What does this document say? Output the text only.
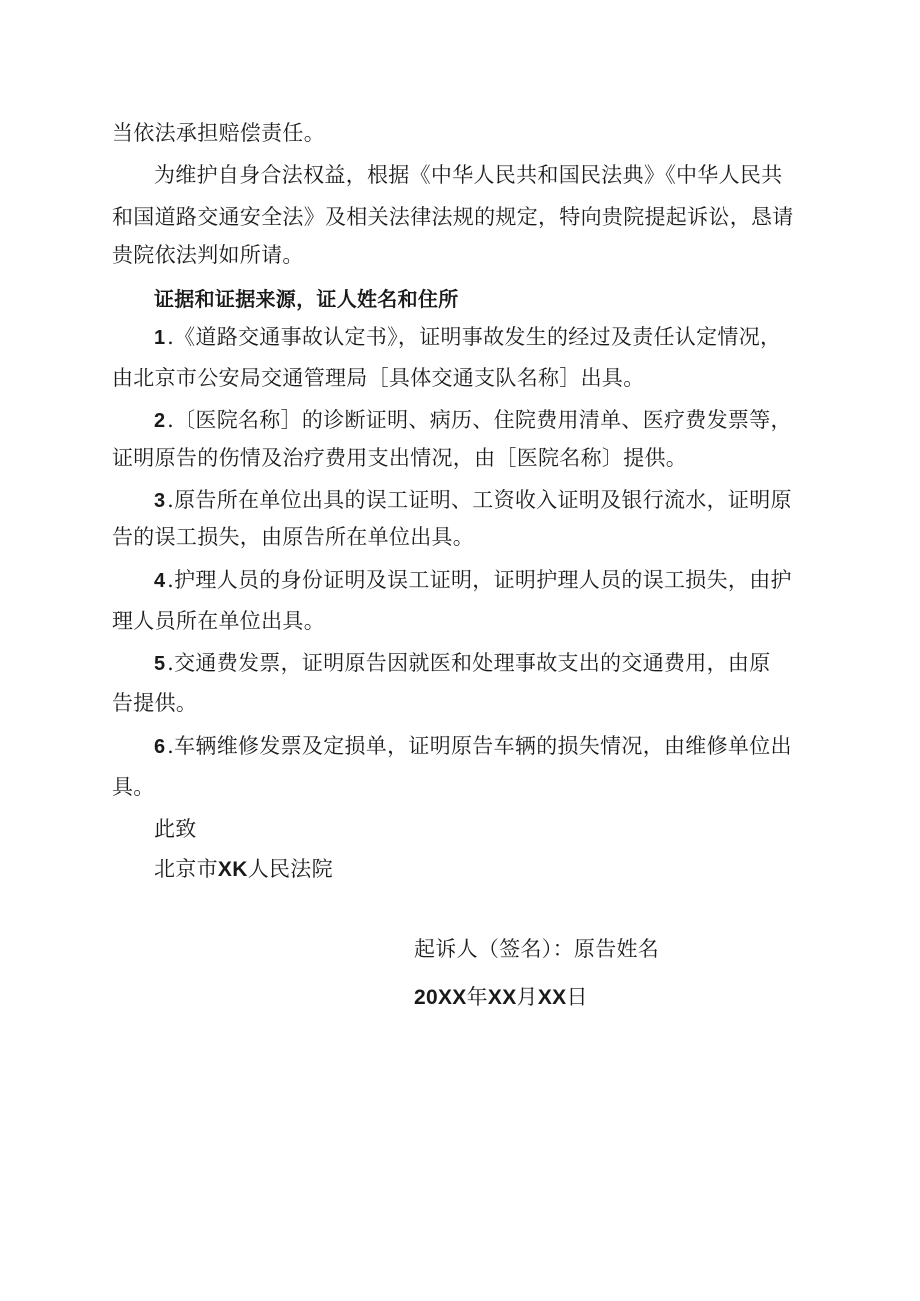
当依法承担赔偿责任。
为维护自身合法权益，根据《中华人民共和国民法典》《中华人民共
和国道路交通安全法》及相关法律法规的规定，特向贵院提起诉讼，恳请
贵院依法判如所请。
证据和证据来源，证人姓名和住所
1.《道路交通事故认定书》，证明事故发生的经过及责任认定情况，
由北京市公安局交通管理局［具体交通支队名称］出具。
2.〔医院名称］的诊断证明、病历、住院费用清单、医疗费发票等，
证明原告的伤情及治疗费用支出情况，由［医院名称〕提供。
3.原告所在单位出具的误工证明、工资收入证明及银行流水，证明原
告的误工损失，由原告所在单位出具。
4.护理人员的身份证明及误工证明，证明护理人员的误工损失，由护
理人员所在单位出具。
5.交通费发票，证明原告因就医和处理事故支出的交通费用，由原
告提供。
6.车辆维修发票及定损单，证明原告车辆的损失情况，由维修单位出
具。
此致
北京市XK人民法院
起诉人（签名）：原告姓名
20XX年XX月XX日
